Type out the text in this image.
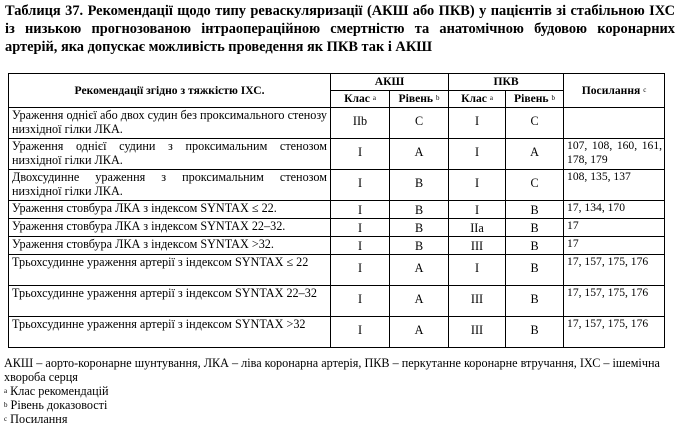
Таблиця 37. Рекомендації щодо типу реваскуляризації (АКШ або ПКВ) у пацієнтів зі стабільною ІХС із низькою прогнозованою інтраопераційною смертністю та анатомічною будовою коронарних артерій, яка допускає можливість проведення як ПКВ так і АКШ
Рекомендації згідно з тяжкістю ІХС.	АКШ		ПКВ		Посилання $^c$
	Клас $^a$	Рівень $^b$	Клас $^a$	Рівень $^b$
Ураження однієї або двох судин без проксимального стенозу низхідної гілки ЛКА.	IIb	C	I	C	
Ураження однієї судини з проксимальним стенозом низхідної гілки ЛКА.	I	A	I	A	107, 108, 160, 161, 178, 179
Двохсудинне ураження з проксимальним стенозом низхідної гілки ЛКА.	I	B	I	C	108, 135, 137
Ураження стовбура ЛКА з індексом SYNTAX ≤ 22.	I	B	I	B	17, 134, 170
Ураження стовбура ЛКА з індексом SYNTAX 22–32.	I	B	IIa	B	17
Ураження стовбура ЛКА з індексом SYNTAX >32.	I	B	III	B	17
Трьохсудинне ураження артерії з індексом SYNTAX ≤ 22	I	A	I	B	17, 157, 175, 176
Трьохсудинне ураження артерії з індексом SYNTAX 22–32	I	A	III	B	17, 157, 175, 176
Трьохсудинне ураження артерії з індексом SYNTAX >32	I	A	III	B	17, 157, 175, 176
АКШ – аорто-коронарне шунтування, ЛКА – ліва коронарна артерія, ПКВ – перкутанне коронарне втручання, ІХС – ішемічна хвороба серця
$^a$ Клас рекомендацій
$^b$ Рівень доказовості
$^c$ Посилання
